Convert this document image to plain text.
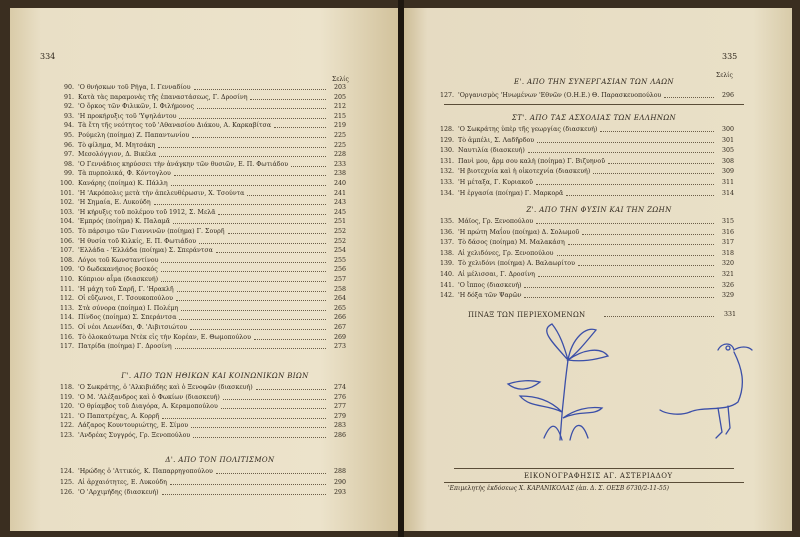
334
Σελίς
90. 'Ο θνήσκων τοῦ Ρήγα, Ι. Γενναδίου	203
91. Κατὰ τὰς παραμονὰς τῆς ἐπαναστάσεως, Γ. Δροσίνη	205
92. 'Ο ὅρκος τῶν Φιλικῶν, Ι. Φιλήμονος	212
93. 'Η προκήρυξις τοῦ 'Υψηλάντου	215
94. Τὰ ἔτη τῆς νεότητος τοῦ 'Αθανασίου Διάκου, Α. Καρκαβίτσα	219
95. Ρούμελη (ποίημα) Ζ. Παπαντωνίου	225
96. Τὸ φίλημα, Μ. Μητσάκη	225
97. Μεσολόγγιον, Δ. Βικέλα	228
98. 'Ο Γεννάδιος κηρύσσει τὴν ἀνάγκην τῶν θυσιῶν, Ε. Π. Φωτιάδου	233
99. Τὰ πυρπολικά, Φ. Κόντογλου	238
100. Κανάρης (ποίημα) Κ. Πάλλη	240
101. 'Η 'Ακρόπολις μετὰ τὴν ἀπελευθέρωσιν, Χ. Τσούντα	241
102. 'Η Σημαία, Ε. Λυκούδη	243
103. 'Η κήρυξις τοῦ πολέμου τοῦ 1912, Σ. Μελᾶ	245
104. 'Εμπρός (ποίημα) Κ. Παλαμᾶ	251
105. Τὸ πάρσιμο τῶν Γιαννινῶν (ποίημα) Γ. Σουρῆ	252
106. 'Η θυσία τοῦ Κιλκίς, Ε. Π. Φωτιάδου	252
107. 'Ελλάδα - 'Ελλάδα (ποίημα) Σ. Σπεράντσα	254
108. Λόγοι τοῦ Κωνσταντίνου	255
109. 'Ο δωδεκανήσιος βοσκός	256
110. Κύπριον αἷμα (διασκευή)	257
111. 'Η μάχη τοῦ Σαρῆ, Γ. 'Ηρακλῆ	258
112. Οἱ εὔζωνοι, Γ. Τσουκοπούλου	264
113. Στὰ σύνορα (ποίημα) Ι. Πολέμη	265
114. Πίνδος (ποίημα) Σ. Σπεράντσα	266
115. Οἱ νέοι Λεωνίδαι, Φ. 'Αιβιτσιώτου	267
116. Τὸ ὁλοκαύτωμα Ντὲκ εἰς τὴν Κορέαν, Ε. Θωμοπούλου	269
117. Πατρίδα (ποίημα) Γ. Δροσίνη	273
Γ'. ΑΠΟ ΤΩΝ ΗΘΙΚΩΝ ΚΑΙ ΚΟΙΝΩΝΙΚΩΝ ΒΙΩΝ
118. 'Ο Σωκράτης, ὁ 'Αλκιβιάδης καὶ ὁ Ξενοφῶν (διασκευή)	274
119. 'Ο Μ. 'Αλέξανδρος καὶ ὁ Φωκίων (διασκευή)	276
120. 'Ο θρίαμβος τοῦ Διαγόρα, Α. Κεραμοπούλου	277
121. 'Ο Παπατρέχας, Α. Κορρῆ	279
122. Λάζαρος Κουντουριώτης, Ε. Σίμου	283
123. 'Ανδρέας Συγγρός, Γρ. Ξενοπούλου	286
Δ'. ΑΠΟ ΤΟΝ ΠΟΛΙΤΙΣΜΟΝ
124. 'Ηρώδης ὁ 'Αττικός, Κ. Παπαρρηγοπούλου	288
125. Αἱ ἀρχαιότητες, Ε. Λυκούδη	290
126. 'Ο 'Αρχιμήδης (διασκευή)	293
335
Ε'. ΑΠΟ ΤΗΝ ΣΥΝΕΡΓΑΣΙΑΝ ΤΩΝ ΛΑΩΝ
Σελίς
127. 'Οργανισμὸς 'Ηνωμένων 'Εθνῶν (Ο.Η.Ε.) Θ. Παρασκευοπούλου	296
ΣΤ'. ΑΠΟ ΤΑΣ ΑΣΧΟΛΙΑΣ ΤΩΝ ΕΛΛΗΝΩΝ
128. 'Ο Σωκράτης ὑπὲρ τῆς γεωργίας (διασκευή)	300
129. Τὸ ἀμπέλι, Σ. Λαδῆρδου	301
130. Ναυτιλία (διασκευή)	305
131. Πανὶ μου, ἄρμ σου καλὴ (ποίημα) Γ. Βιζυηνοῦ	308
132. 'Η βιοτεχνία καὶ ἡ οἰκοτεχνία (διασκευή)	309
133. 'Η μέταξα, Γ. Κυριακοῦ	311
134. 'Η ἐργασία (ποίημα) Γ. Μαρκορᾶ	314
Ζ'. ΑΠΟ ΤΗΝ ΦΥΣΙΝ ΚΑΙ ΤΗΝ ΖΩΗΝ
135. Μάϊος, Γρ. Ξενοπούλου	315
136. 'Η πρώτη Μαΐου (ποίημα) Δ. Σολωμοῦ	316
137. Τὸ δάσος (ποίημα) Μ. Μαλακάση	317
138. Αἱ χελιδόνες, Γρ. Ξενοπούλου	318
139. Τὸ χελιδόνι (ποίημα) Α. Βαλαωρίτου	320
140. Αἱ μέλισσαι, Γ. Δροσίνη	321
141. 'Ο ἵππος (διασκευή)	326
142. 'Η δόξα τῶν Ψαρῶν	329
ΠΙΝΑΞ ΤΩΝ ΠΕΡΙΕΧΟΜΕΝΩΝ	331
ΕΙΚΟΝΟΓΡΑΦΗΣΙΣ ΑΓ. ΑΣΤΕΡΙΑΔΟΥ
'Επιμελητὴς ἐκδόσεως Χ. ΚΑΡΑΝΙΚΟΛΑΣ (ἀπ. Δ. Σ. ΟΕΣΒ 6730/2-11-55)
